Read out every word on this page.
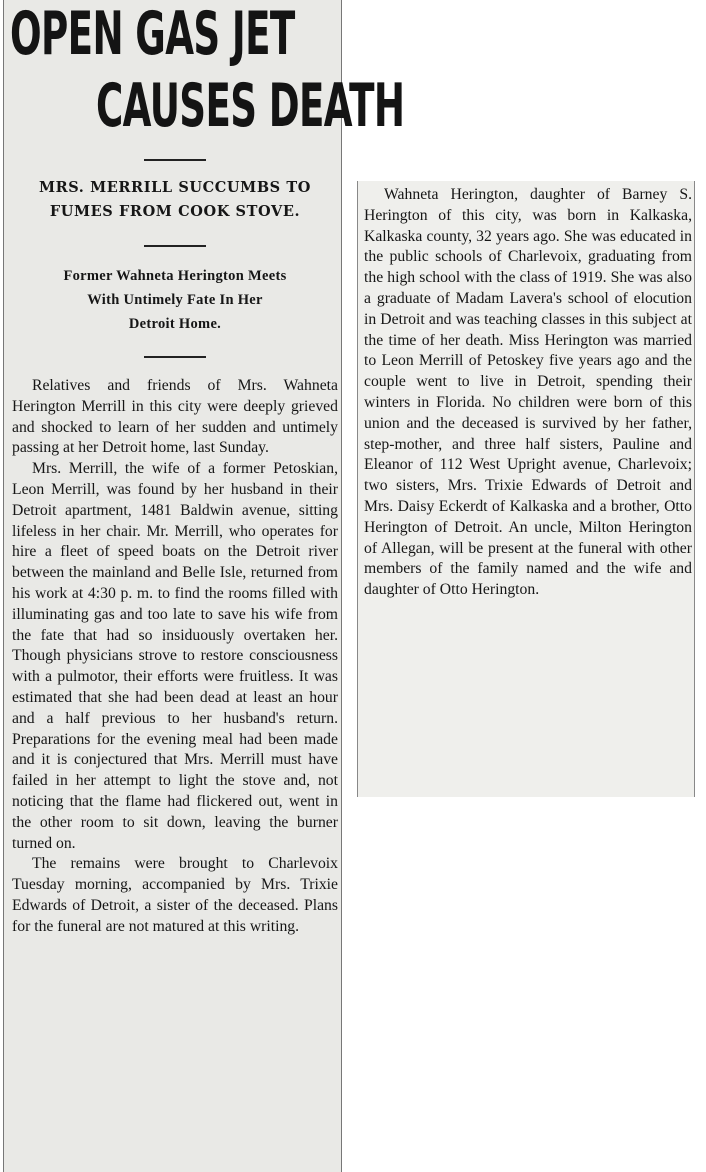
OPEN GAS JET
CAUSES DEATH
MRS. MERRILL SUCCUMBS TO
FUMES FROM COOK STOVE.
Former Wahneta Herington Meets
With Untimely Fate In Her
Detroit Home.

Relatives and friends of Mrs. Wahneta Herington Merrill in this city were deeply grieved and shocked to learn of her sudden and untimely passing at her Detroit home, last Sunday.

Mrs. Merrill, the wife of a former Petoskian, Leon Merrill, was found by her husband in their Detroit apartment, 1481 Baldwin avenue, sitting lifeless in her chair. Mr. Merrill, who operates for hire a fleet of speed boats on the Detroit river between the mainland and Belle Isle, returned from his work at 4:30 p. m. to find the rooms filled with illuminating gas and too late to save his wife from the fate that had so insiduously overtaken her. Though physicians strove to restore consciousness with a pulmotor, their efforts were fruitless. It was estimated that she had been dead at least an hour and a half previous to her husband's return. Preparations for the evening meal had been made and it is conjectured that Mrs. Merrill must have failed in her attempt to light the stove and, not noticing that the flame had flickered out, went in the other room to sit down, leaving the burner turned on.

The remains were brought to Charlevoix Tuesday morning, accompanied by Mrs. Trixie Edwards of Detroit, a sister of the deceased. Plans for the funeral are not matured at this writing.

Wahneta Herington, daughter of Barney S. Herington of this city, was born in Kalkaska, Kalkaska county, 32 years ago. She was educated in the public schools of Charlevoix, graduating from the high school with the class of 1919. She was also a graduate of Madam Lavera's school of elocution in Detroit and was teaching classes in this subject at the time of her death. Miss Herington was married to Leon Merrill of Petoskey five years ago and the couple went to live in Detroit, spending their winters in Florida. No children were born of this union and the deceased is survived by her father, step-mother, and three half sisters, Pauline and Eleanor of 112 West Upright avenue, Charlevoix; two sisters, Mrs. Trixie Edwards of Detroit and Mrs. Daisy Eckerdt of Kalkaska and a brother, Otto Herington of Detroit. An uncle, Milton Herington of Allegan, will be present at the funeral with other members of the family named and the wife and daughter of Otto Herington.
